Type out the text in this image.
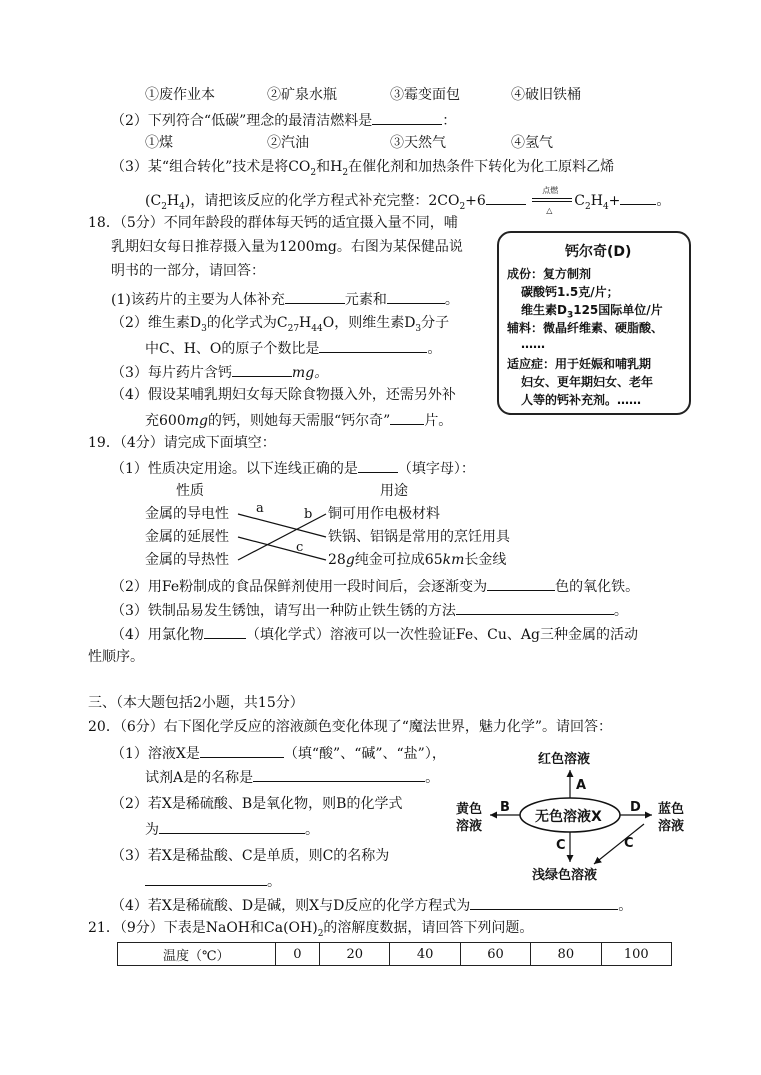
①废作业本	②矿泉水瓶	③霉变面包	④破旧铁桶
（2）下列符合“低碳”理念的最清洁燃料是	：
①煤	②汽油	③天然气	④氢气
（3）某“组合转化”技术是将$CO_2$和$H_2$在催化剂和加热条件下转化为化工原料乙烯
$(C_2H_4)$，请把该反应的化学方程式补充完整：$2CO_2+6$
点燃
△
$C_2H_4+$	。
18．（5分）不同年龄段的群体每天钙的适宜摄入量不同，哺
乳期妇女每日推荐摄入量为1200mg。右图为某保健品说
明书的一部分，请回答：
(1)该药片的主要为人体补充	元素和	。
（2）维生素$D_3$的化学式为$C_{27}H_{44}O$，则维生素$D_3$分子
中C、H、O的原子个数比是	。
（3）每片药片含钙	mg。
（4）假设某哺乳期妇女每天除食物摄入外，还需另外补
充600mg的钙，则她每天需服“钙尔奇” 片。
钙尔奇(D)
成份：复方制剂
碳酸钙1.5克/片；
维生素$D_3125$国际单位/片
辅料：微晶纤维素、硬脂酸、
……
适应症：用于妊娠和哺乳期
妇女、更年期妇女、老年
人等的钙补充剂。……
19．（4分）请完成下面填空：
（1）性质决定用途。以下连线正确的是	（填字母）：
性质	用途
金属的导电性
金属的延展性
金属的导热性
铜可用作电极材料
铁锅、铝锅是常用的烹饪用具
28g纯金可拉成65km长金线
a	b
c
（2）用Fe粉制成的食品保鲜剂使用一段时间后，会逐渐变为	色的氧化铁。
（3）铁制品易发生锈蚀，请写出一种防止铁生锈的方法	。
（4）用氯化物	（填化学式）溶液可以一次性验证Fe、Cu、Ag三种金属的活动
性顺序。
三、（本大题包括2小题，共15分）
20．（6分）右下图化学反应的溶液颜色变化体现了“魔法世界，魅力化学”。请回答：
（1）溶液X是	（填“酸”、“碱”、“盐”），
试剂A是的名称是	。
（2）若X是稀硫酸、B是氧化物，则B的化学式
为	。
（3）若X是稀盐酸、C是单质，则C的名称为
。
（4）若X是稀硫酸、D是碱，则X与D反应的化学方程式为	。
红色溶液
无色溶液X
黄色
溶液
蓝色
溶液
浅绿色溶液
A
B	D
C	C
21．（9分）下表是NaOH和$Ca(OH)_2$的溶解度数据，请回答下列问题。
温度（℃）	0	20	40	60	80	100
